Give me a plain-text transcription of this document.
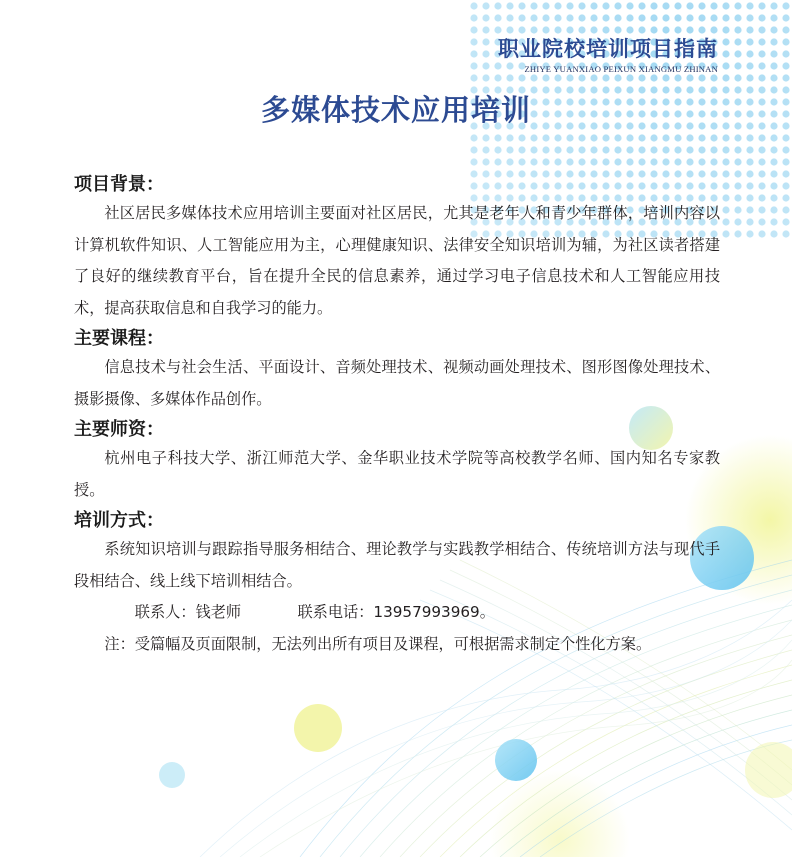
职业院校培训项目指南
ZHIYE YUANXIAO PEIXUN XIANGMU ZHINAN
多媒体技术应用培训
项目背景：

社区居民多媒体技术应用培训主要面对社区居民，尤其是老年人和青少年群体，培训内容以计算机软件知识、人工智能应用为主，心理健康知识、法律安全知识培训为辅，为社区读者搭建了良好的继续教育平台，旨在提升全民的信息素养，通过学习电子信息技术和人工智能应用技术，提高获取信息和自我学习的能力。

主要课程：

信息技术与社会生活、平面设计、音频处理技术、视频动画处理技术、图形图像处理技术、摄影摄像、多媒体作品创作。

主要师资：

杭州电子科技大学、浙江师范大学、金华职业技术学院等高校教学名师、国内知名专家教授。

培训方式：

系统知识培训与跟踪指导服务相结合、理论教学与实践教学相结合、传统培训方法与现代手段相结合、线上线下培训相结合。

联系人：钱老师	联系电话：13957993969。

注：受篇幅及页面限制，无法列出所有项目及课程，可根据需求制定个性化方案。
